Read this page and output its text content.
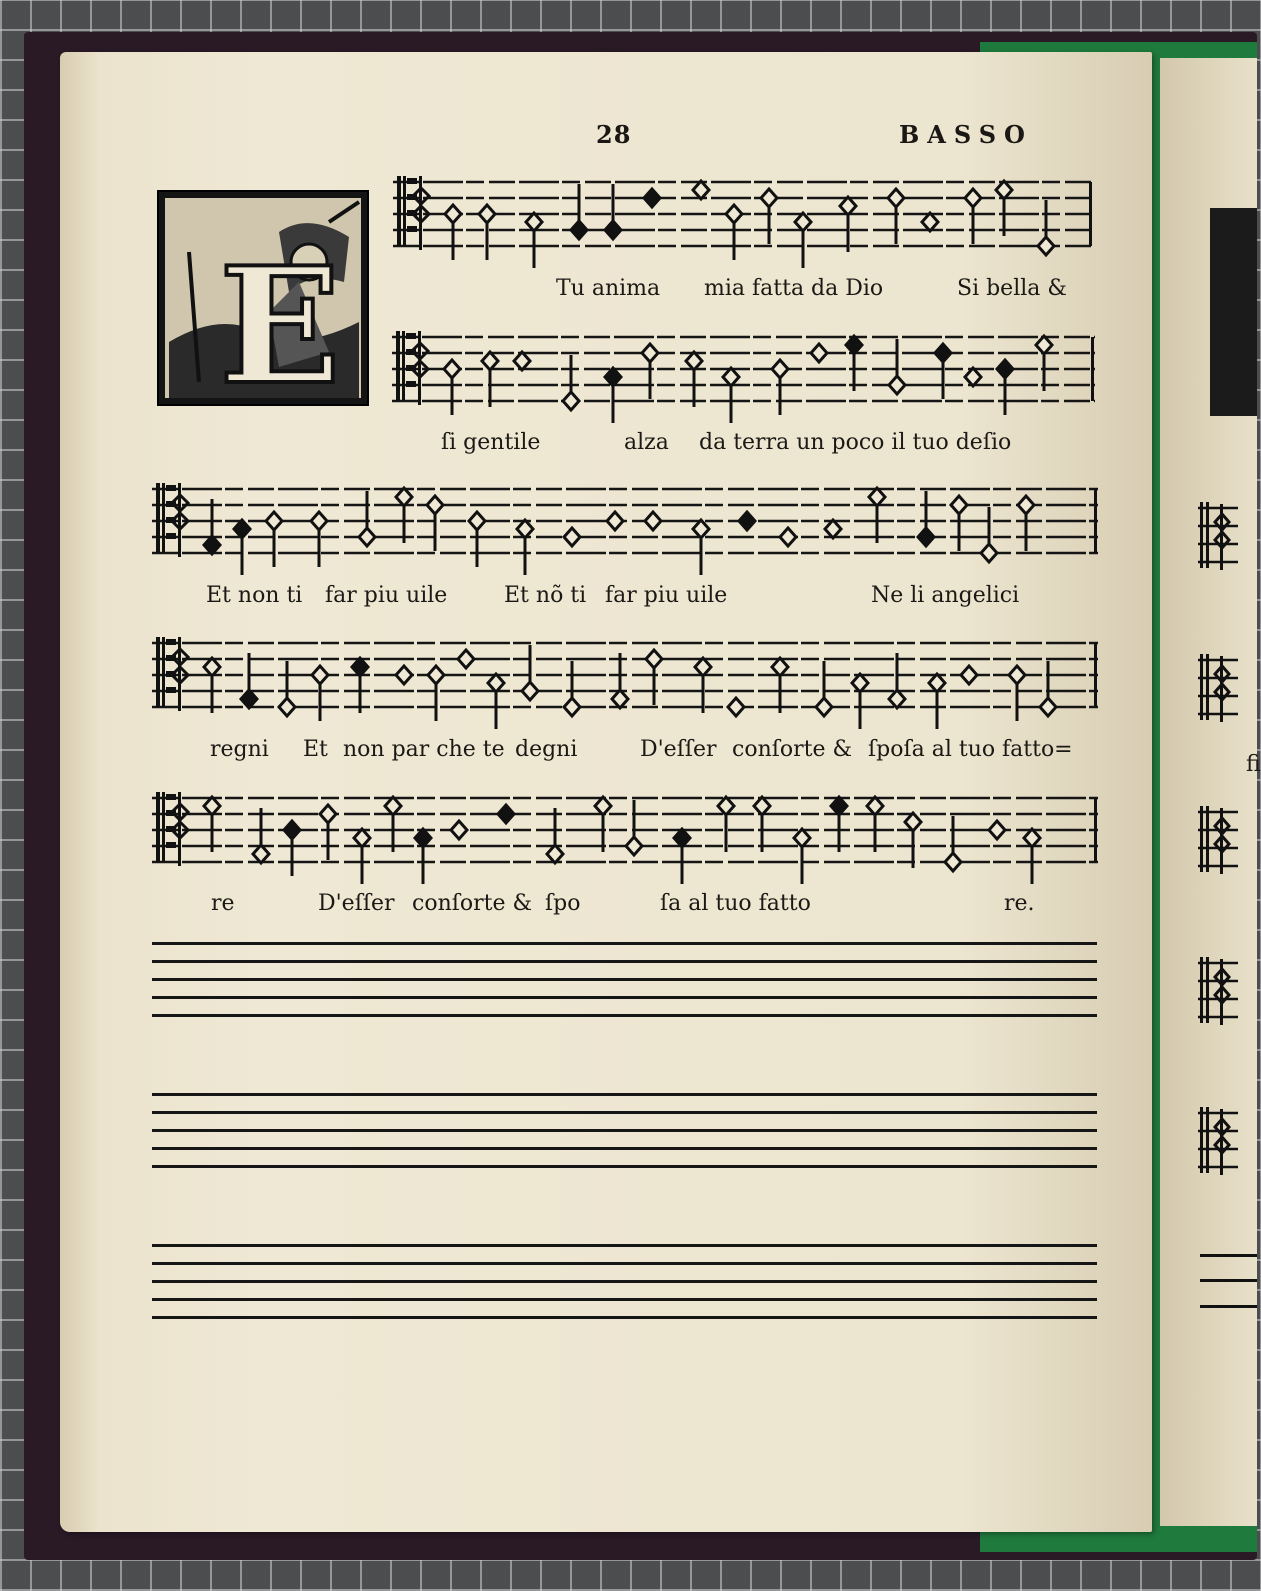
fi
28	BASSO
E	Tu anima mia fatta da Dio	Si bella &
ſi gentile	alza da terra un poco il tuo deſio
Et non ti far piu uile	Et nõ ti far piu uile	Ne li angelici
regni Et non par che te degni	D'eſſer conſorte & ſpoſa al tuo fatto=
re	D'eſſer conſorte & ſpo	ſa al tuo fatto	re.
